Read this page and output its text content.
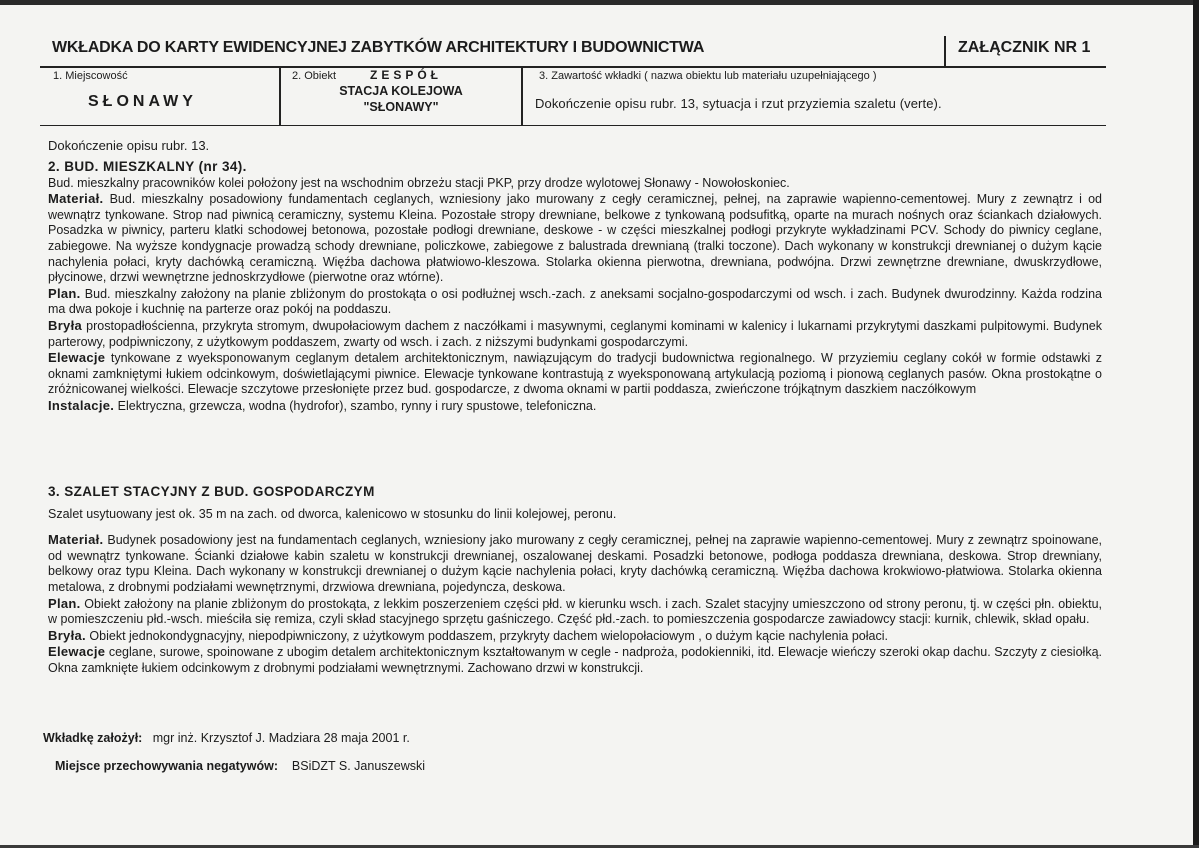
WKŁADKA DO KARTY EWIDENCYJNEJ ZABYTKÓW ARCHITEKTURY I BUDOWNICTWA	ZAŁĄCZNIK NR 1
1. Miejscowość
SŁONAWY
2. Obiekt	ZESPÓŁ
STACJA KOLEJOWA
"SŁONAWY"
3. Zawartość wkładki ( nazwa obiektu lub materiału uzupełniającego )
Dokończenie opisu rubr. 13, sytuacja i rzut przyziemia szaletu (verte).
Dokończenie opisu rubr. 13.

2. BUD. MIESZKALNY (nr 34).

Bud. mieszkalny pracowników kolei położony jest na wschodnim obrzeżu stacji PKP, przy drodze wylotowej Słonawy - Nowołoskoniec.

Materiał. Bud. mieszkalny posadowiony fundamentach ceglanych, wzniesiony jako murowany z cegły ceramicznej, pełnej, na zaprawie wapienno-cementowej. Mury z zewnątrz i od wewnątrz tynkowane. Strop nad piwnicą ceramiczny, systemu Kleina. Pozostałe stropy drewniane, belkowe z tynkowaną podsufitką, oparte na murach nośnych oraz ściankach działowych. Posadzka w piwnicy, parteru klatki schodowej betonowa, pozostałe podłogi drewniane, deskowe - w części mieszkalnej podłogi przykryte wykładzinami PCV. Schody do piwnicy ceglane, zabiegowe. Na wyższe kondygnacje prowadzą schody drewniane, policzkowe, zabiegowe z balustrada drewnianą (tralki toczone). Dach wykonany w konstrukcji drewnianej o dużym kącie nachylenia połaci, kryty dachówką ceramiczną. Więźba dachowa płatwiowo-kleszowa. Stolarka okienna pierwotna, drewniana, podwójna. Drzwi zewnętrzne drewniane, dwuskrzydłowe, płycinowe, drzwi wewnętrzne jednoskrzydłowe (pierwotne oraz wtórne).

Plan. Bud. mieszkalny założony na planie zbliżonym do prostokąta o osi podłużnej wsch.-zach. z aneksami socjalno-gospodarczymi od wsch. i zach. Budynek dwurodzinny. Każda rodzina ma dwa pokoje i kuchnię na parterze oraz pokój na poddaszu.

Bryła prostopadłościenna, przykryta stromym, dwupołaciowym dachem z naczółkami i masywnymi, ceglanymi kominami w kalenicy i lukarnami przykrytymi daszkami pulpitowymi. Budynek parterowy, podpiwniczony, z użytkowym poddaszem, zwarty od wsch. i zach. z niższymi budynkami gospodarczymi.

Elewacje tynkowane z wyeksponowanym ceglanym detalem architektonicznym, nawiązującym do tradycji budownictwa regionalnego. W przyziemiu ceglany cokół w formie odstawki z oknami zamkniętymi łukiem odcinkowym, doświetlającymi piwnice. Elewacje tynkowane kontrastują z wyeksponowaną artykulacją poziomą i pionową ceglanych pasów. Okna prostokątne o zróżnicowanej wielkości. Elewacje szczytowe przesłonięte przez bud. gospodarcze, z dwoma oknami w partii poddasza, zwieńczone trójkątnym daszkiem naczółkowym

Instalacje. Elektryczna, grzewcza, wodna (hydrofor), szambo, rynny i rury spustowe, telefoniczna.

3. SZALET STACYJNY Z BUD. GOSPODARCZYM

Szalet usytuowany jest ok. 35 m na zach. od dworca, kalenicowo w stosunku do linii kolejowej, peronu.

Materiał. Budynek posadowiony jest na fundamentach ceglanych, wzniesiony jako murowany z cegły ceramicznej, pełnej na zaprawie wapienno-cementowej. Mury z zewnątrz spoinowane, od wewnątrz tynkowane. Ścianki działowe kabin szaletu w konstrukcji drewnianej, oszalowanej deskami. Posadzki betonowe, podłoga poddasza drewniana, deskowa. Strop drewniany, belkowy oraz typu Kleina. Dach wykonany w konstrukcji drewnianej o dużym kącie nachylenia połaci, kryty dachówką ceramiczną. Więźba dachowa krokwiowo-płatwiowa. Stolarka okienna metalowa, z drobnymi podziałami wewnętrznymi, drzwiowa drewniana, pojedyncza, deskowa.

Plan. Obiekt założony na planie zbliżonym do prostokąta, z lekkim poszerzeniem części płd. w kierunku wsch. i zach. Szalet stacyjny umieszczono od strony peronu, tj. w części płn. obiektu, w pomieszczeniu płd.-wsch. mieściła się remiza, czyli skład stacyjnego sprzętu gaśniczego. Część płd.-zach. to pomieszczenia gospodarcze zawiadowcy stacji: kurnik, chlewik, skład opału.

Bryła. Obiekt jednokondygnacyjny, niepodpiwniczony, z użytkowym poddaszem, przykryty dachem wielopołaciowym , o dużym kącie nachylenia połaci.

Elewacje ceglane, surowe, spoinowane z ubogim detalem architektonicznym kształtowanym w cegle - nadproża, podokienniki, itd. Elewacje wieńczy szeroki okap dachu. Szczyty z ciesiołką. Okna zamknięte łukiem odcinkowym z drobnymi podziałami wewnętrznymi. Zachowano drzwi w konstrukcji.

Wkładkę założył: mgr inż. Krzysztof J. Madziara 28 maja 2001 r.
Miejsce przechowywania negatywów: BSiDZT S. Januszewski
